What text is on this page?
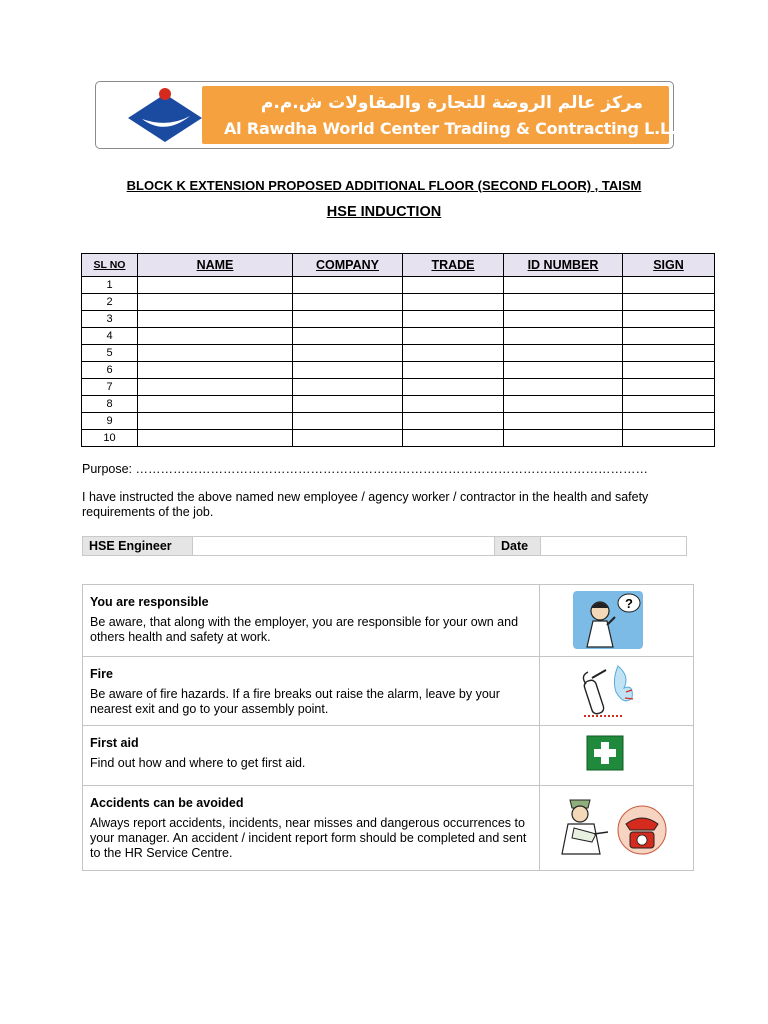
مركز عالم الروضة للتجارة والمقاولات ش.م.م
Al Rawdha World Center Trading & Contracting L.L.C.
BLOCK K EXTENSION PROPOSED ADDITIONAL FLOOR (SECOND FLOOR) , TAISM
HSE INDUCTION
SL NO	NAME	COMPANY	TRADE	ID NUMBER	SIGN
1					
2					
3					
4					
5					
6					
7					
8					
9					
10					
Purpose: ……………………………………………………………………………………………………………
I have instructed the above named new employee / agency worker / contractor in the health and safety requirements of the job.
HSE Engineer		Date	
You are responsible
Be aware, that along with the employer, you are responsible for your own and others health and safety at work.	?

Fire
Be aware of fire hazards. If a fire breaks out raise the alarm, leave by your nearest exit and go to your assembly point.

First aid
Find out how and where to get first aid.

Accidents can be avoided
Always report accidents, incidents, near misses and dangerous occurrences to your manager. An accident / incident report form should be completed and sent to the HR Service Centre.
